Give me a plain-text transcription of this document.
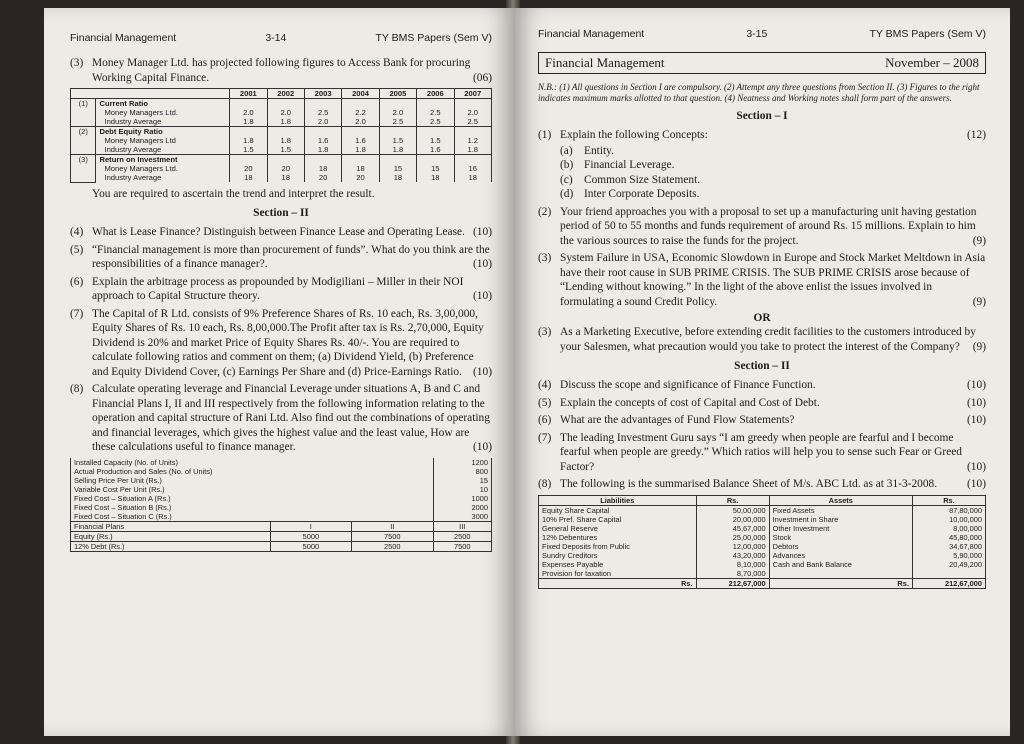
Financial Management	3-14	TY BMS Papers (Sem V)
(3) Money Manager Ltd. has projected following figures to Access Bank for procuring Working Capital Finance.	(06)
		2001	2002	2003	2004	2005	2006	2007
(1)	Current Ratio							
	Money Managers Ltd.	2.0	2.0	2.5	2.2	2.0	2.5	2.0
	Industry Average	1.8	1.8	2.0	2.0	2.5	2.5	2.5
(2)	Debt Equity Ratio							
	Money Managers Ltd	1.8	1.8	1.6	1.6	1.5	1.5	1.2
	Industry Average	1.5	1.5	1.8	1.8	1.8	1.6	1.8
(3)	Return on Investment							
	Money Managers Ltd.	20	20	18	18	15	15	16
	Industry Average	18	18	20	20	18	18	18
You are required to ascertain the trend and interpret the result.
Section – II
(4) What is Lease Finance? Distinguish between Finance Lease and Operating Lease. (10)
(5) “Financial management is more than procurement of funds”. What do you think are the responsibilities of a finance manager?.	(10)
(6) Explain the arbitrage process as propounded by Modigiliani – Miller in their NOI approach to Capital Structure theory.	(10)
(7) The Capital of R Ltd. consists of 9% Preference Shares of Rs. 10 each, Rs. 3,00,000, Equity Shares of Rs. 10 each, Rs. 8,00,000.The Profit after tax is Rs. 2,70,000, Equity Dividend is 20% and market Price of Equity Shares Rs. 40/-. You are required to calculate following ratios and comment on them; (a) Dividend Yield, (b) Preference and Equity Dividend Cover, (c) Earnings Per Share and (d) Price-Earnings Ratio. (10)
(8) Calculate operating leverage and Financial Leverage under situations A, B and C and Financial Plans I, II and III respectively from the following information relating to the operation and capital structure of Rani Ltd. Also find out the combinations of operating and financial leverages, which gives the highest value and the least value, How are these calculations useful to finance manager.	(10)
Installed Capacity (No. of Units)			1200
Actual Production and Sales (No. of Units)			800
Selling Price Per Unit (Rs.)			15
Variable Cost Per Unit (Rs.)			10
Fixed Cost – Situation A (Rs.)			1000
Fixed Cost – Situation B (Rs.)			2000
Fixed Cost – Situation C (Rs.)			3000
Financial Plans	I	II	III
Equity (Rs.)	5000	7500	2500
12% Debt (Rs.)	5000	2500	7500
Financial Management	3-15	TY BMS Papers (Sem V)
Financial Management	November – 2008
N.B.: (1) All questions in Section I are compulsory. (2) Attempt any three questions from Section II. (3) Figures to the right indicates maximum marks allotted to that question. (4) Neatness and Working notes shall form part of the answers.
Section – I
(1) Explain the following Concepts:	(12)
(a) Entity.
(b) Financial Leverage.
(c) Common Size Statement.
(d) Inter Corporate Deposits.
(2) Your friend approaches you with a proposal to set up a manufacturing unit having gestation period of 50 to 55 months and funds requirement of around Rs. 15 millions. Explain to him the various sources to raise the funds for the project.	(9)
(3) System Failure in USA, Economic Slowdown in Europe and Stock Market Meltdown in Asia have their root cause in SUB PRIME CRISIS. The SUB PRIME CRISIS arose because of “Lending without knowing.” In the light of the above enlist the issues involved in formulating a sound Credit Policy.	(9)
OR
(3) As a Marketing Executive, before extending credit facilities to the customers introduced by your Salesmen, what precaution would you take to protect the interest of the Company? (9)
Section – II
(4) Discuss the scope and significance of Finance Function.	(10)
(5) Explain the concepts of cost of Capital and Cost of Debt.	(10)
(6) What are the advantages of Fund Flow Statements?	(10)
(7) The leading Investment Guru says “I am greedy when people are fearful and I become fearful when people are greedy.” Which ratios will help you to sense such Fear or Greed Factor?	(10)
(8) The following is the summarised Balance Sheet of M/s. ABC Ltd. as at 31-3-2008.	(10)
Liabilities	Rs.	Assets	Rs.
Equity Share Capital	50,00,000	Fixed Assets	87,80,000
10% Pref. Share Capital	20,00,000	Investment in Share	10,00,000
General Reserve	45,67,000	Other Investment	8,00,000
12% Debentures	25,00,000	Stock	45,80,000
Fixed Deposits from Public	12,00,000	Debtors	34,67,800
Sundry Creditors	43,20,000	Advances	5,90,000
Expenses Payable	8,10,000	Cash and Bank Balance	20,49,200
Provision for taxation	8,70,000		
Rs.	212,67,000	Rs.	212,67,000
